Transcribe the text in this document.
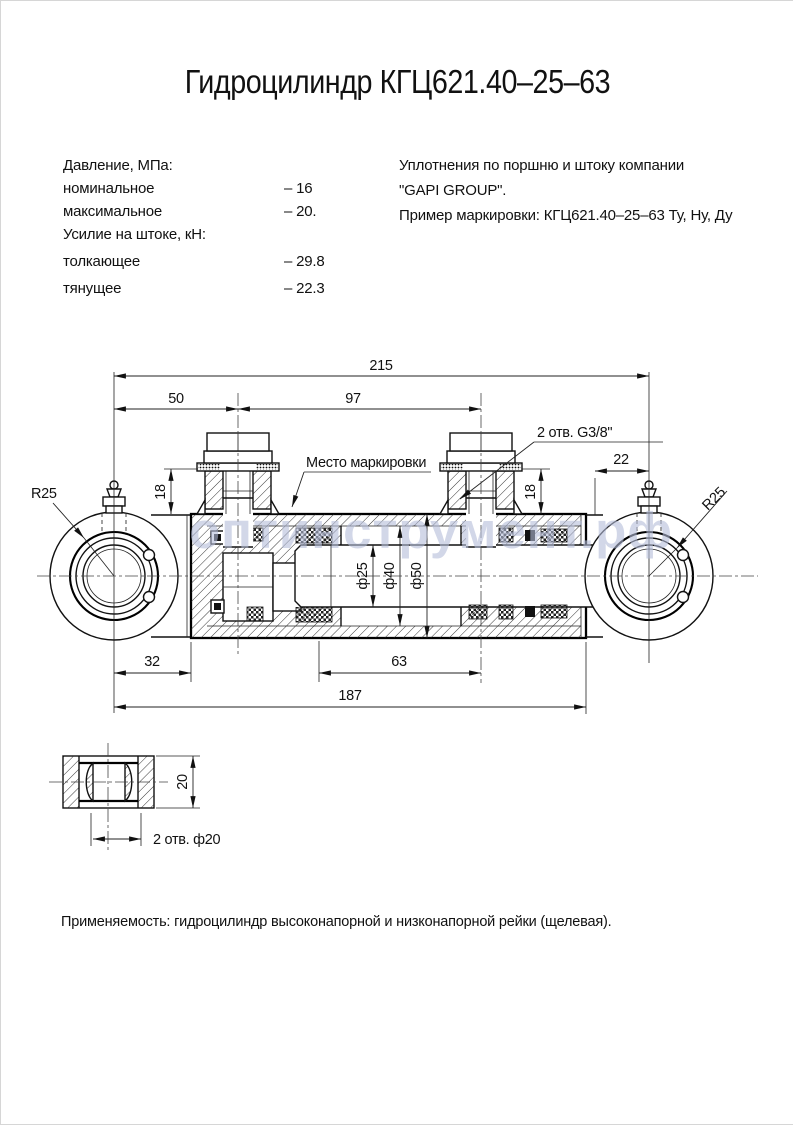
Гидроцилиндр КГЦ621.40–25–63
Давление, МПа:
номинальное	– 16
максимальное	– 20.
Усилие на штоке, кН:
толкающее	– 29.8
тянущее	– 22.3
Уплотнения по поршню и штоку компании
"GAPI GROUP".
Пример маркировки: КГЦ621.40–25–63 Ту, Ну, Ду
215
50	97
22
18	18
ф25 ф40 ф50
32	63
187
Место маркировки
2 отв. G3/8"
R25	R25
20
2 отв. ф20
оптинструмент.рф
Применяемость: гидроцилиндр высоконапорной и низконапорной рейки (щелевая).
